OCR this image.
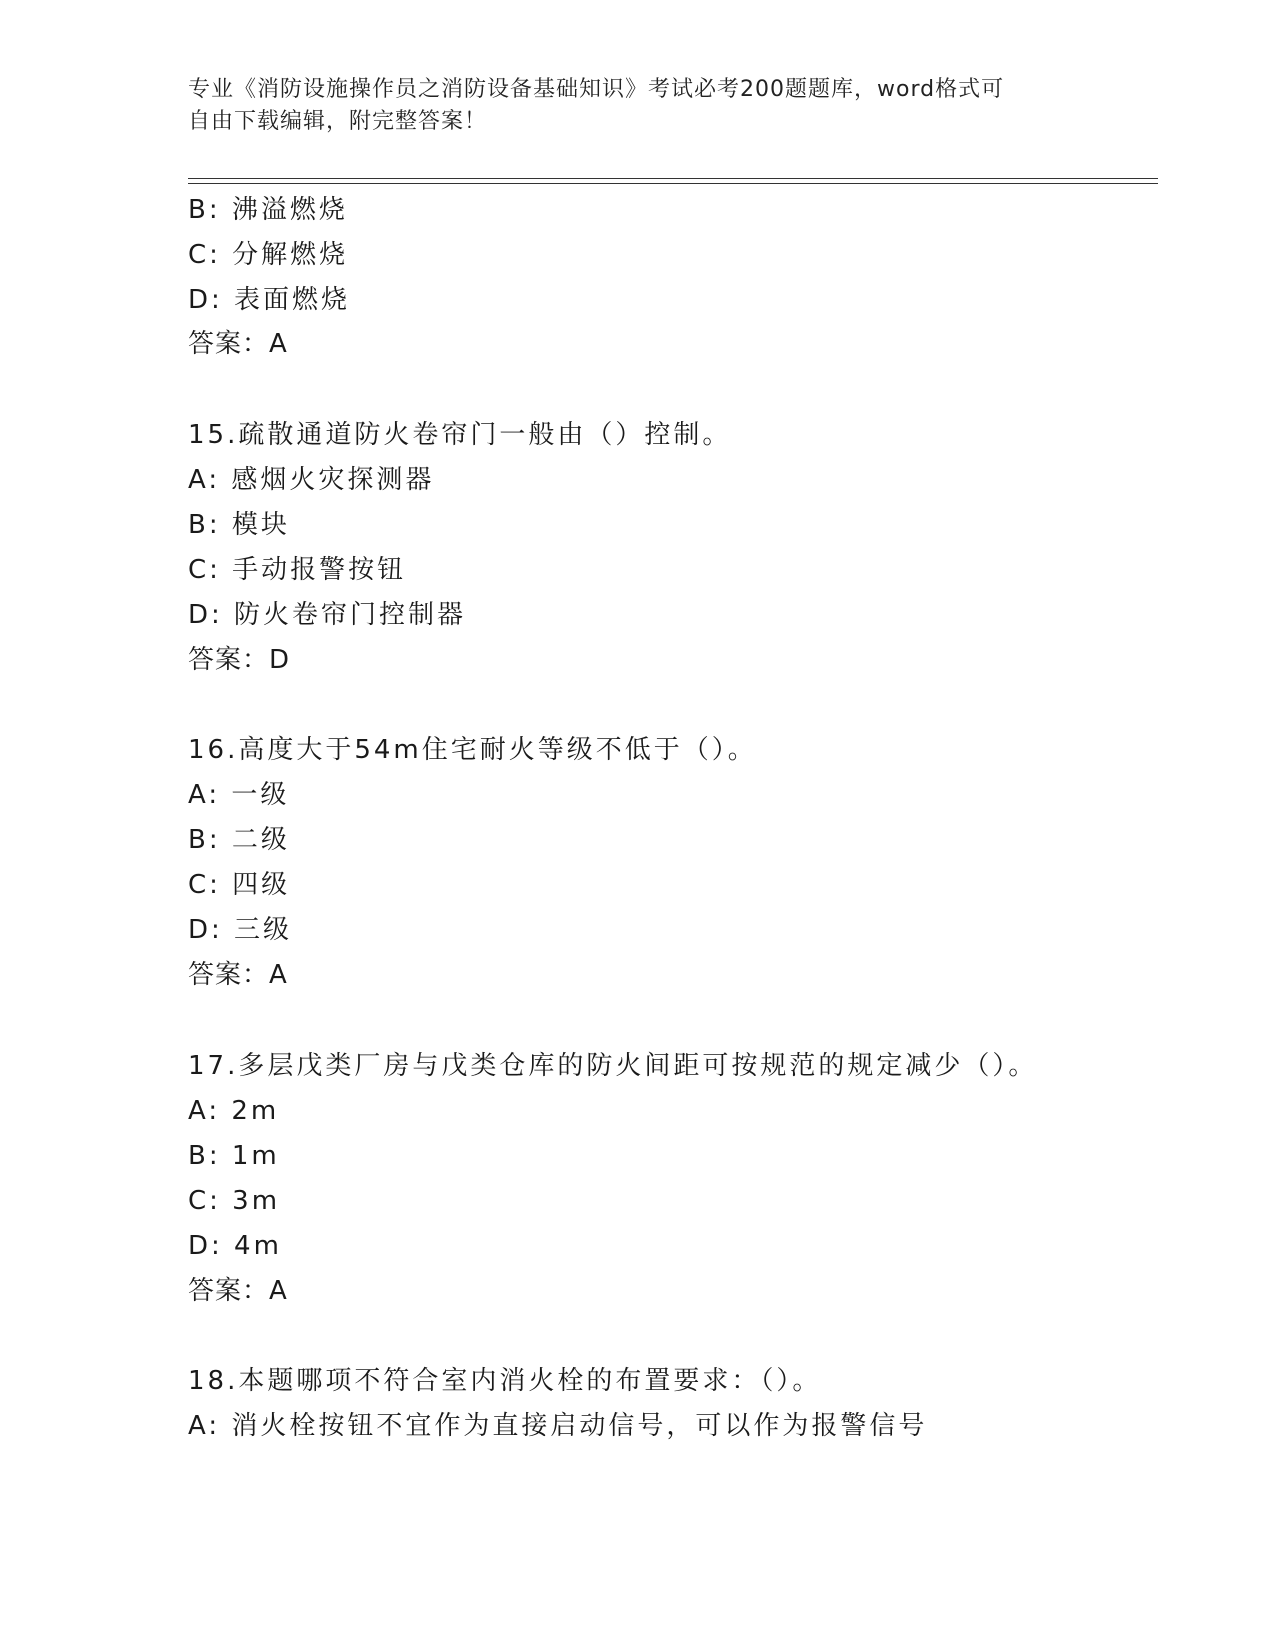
专业《消防设施操作员之消防设备基础知识》考试必考200题题库，word格式可
自由下载编辑，附完整答案！
B: 沸溢燃烧
C: 分解燃烧
D: 表面燃烧
答案：A
15.疏散通道防火卷帘门一般由（）控制。
A: 感烟火灾探测器
B: 模块
C: 手动报警按钮
D: 防火卷帘门控制器
答案：D
16.高度大于54m住宅耐火等级不低于（）。
A: 一级
B: 二级
C: 四级
D: 三级
答案：A
17.多层戊类厂房与戊类仓库的防火间距可按规范的规定减少（）。
A: 2m
B: 1m
C: 3m
D: 4m
答案：A
18.本题哪项不符合室内消火栓的布置要求：（）。
A: 消火栓按钮不宜作为直接启动信号，可以作为报警信号
